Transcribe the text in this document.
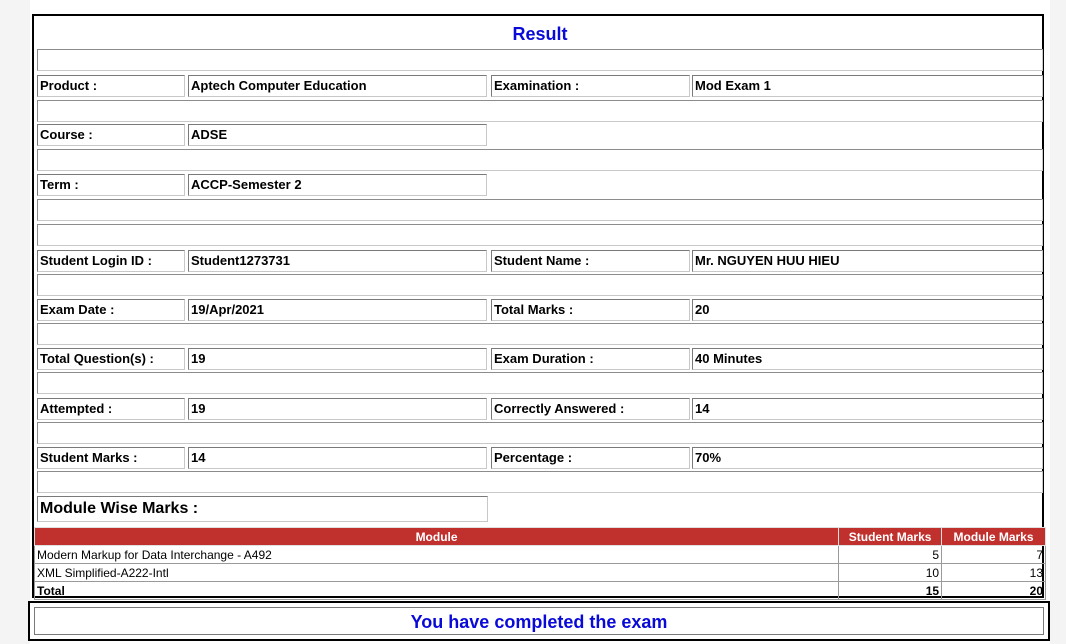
Result
Product :	Aptech Computer Education	Examination :	Mod Exam 1
Course :	ADSE
Term :	ACCP-Semester 2
Student Login ID :	Student1273731	Student Name :	Mr. NGUYEN HUU HIEU
Exam Date :	19/Apr/2021	Total Marks :	20
Total Question(s) :	19	Exam Duration :	40 Minutes
Attempted :	19	Correctly Answered :	14
Student Marks :	14	Percentage :	70%
Module Wise Marks :
Module	Student Marks	Module Marks
Modern Markup for Data Interchange - A492	5	7
XML Simplified-A222-Intl	10	13
Total	15	20
You have completed the exam
